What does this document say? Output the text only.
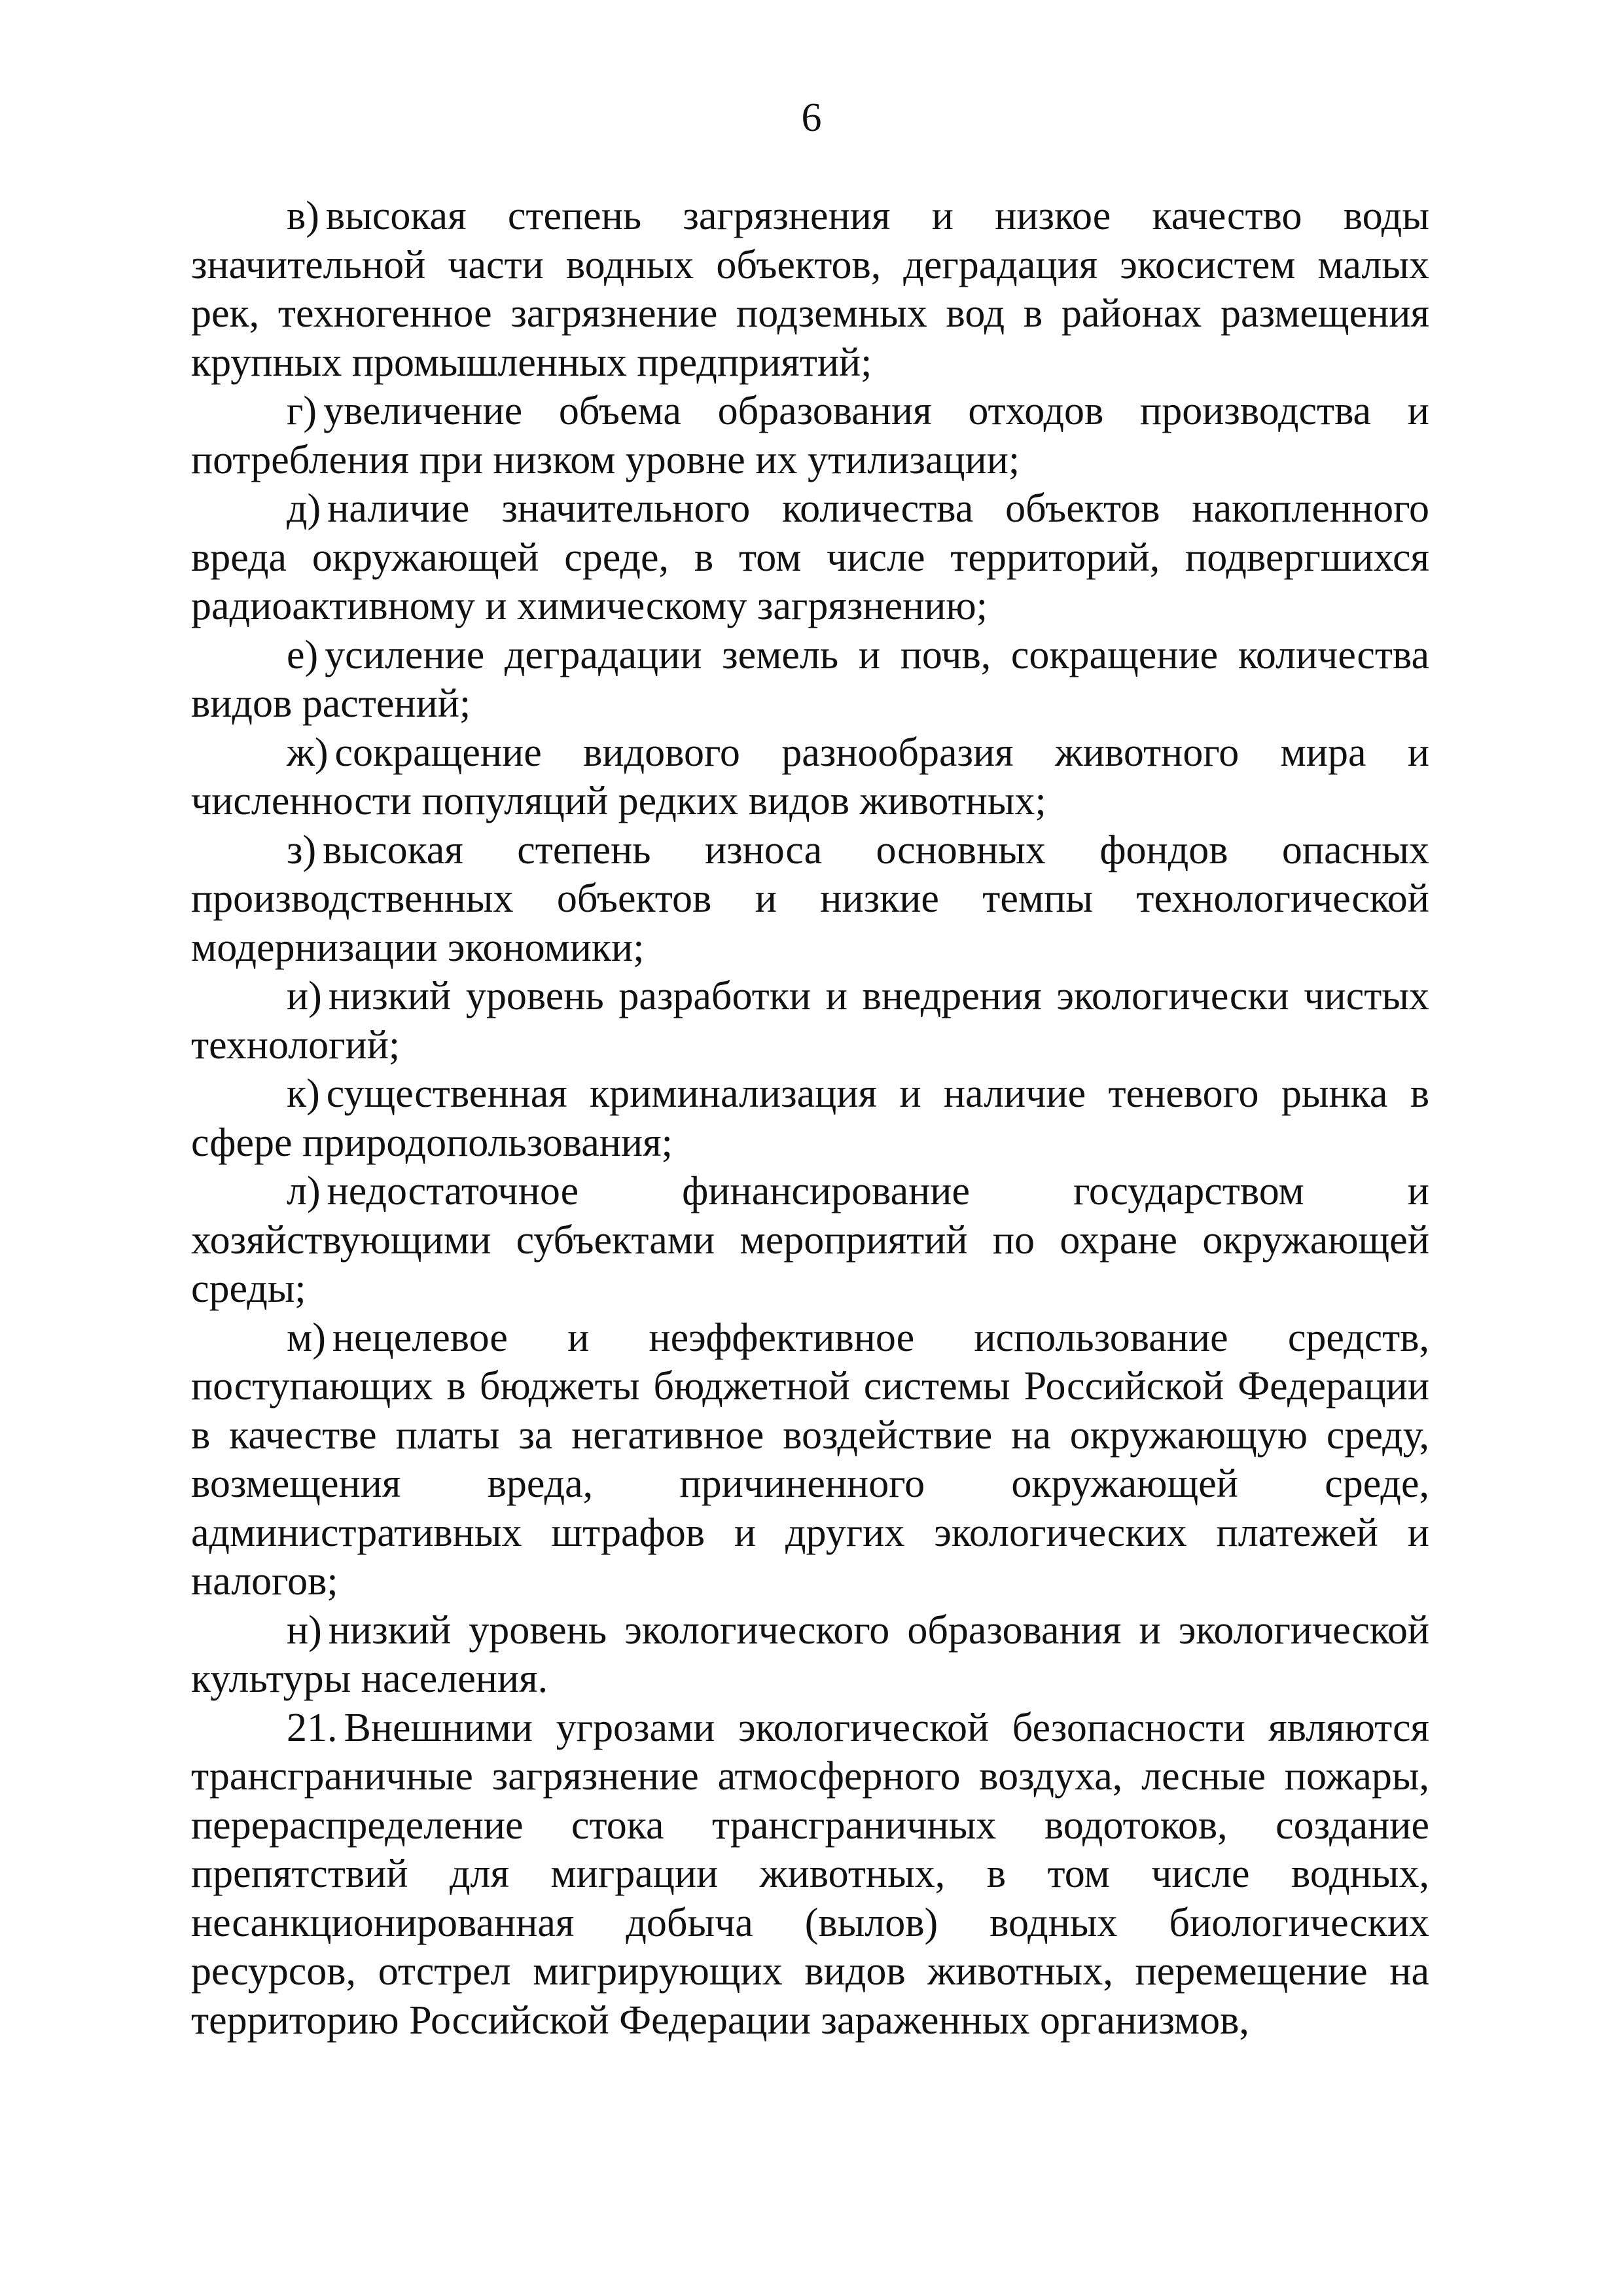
6

в) высокая степень загрязнения и низкое качество воды значительной части водных объектов, деградация экосистем малых рек, техногенное загрязнение подземных вод в районах размещения крупных промышленных предприятий;

г) увеличение объема образования отходов производства и потребления при низком уровне их утилизации;

д) наличие значительного количества объектов накопленного вреда окружающей среде, в том числе территорий, подвергшихся радиоактивному и химическому загрязнению;

е) усиление деградации земель и почв, сокращение количества видов растений;

ж) сокращение видового разнообразия животного мира и численности популяций редких видов животных;

з) высокая степень износа основных фондов опасных производственных объектов и низкие темпы технологической модернизации экономики;

и) низкий уровень разработки и внедрения экологически чистых технологий;

к) существенная криминализация и наличие теневого рынка в сфере природопользования;

л) недостаточное финансирование государством и хозяйствующими субъектами мероприятий по охране окружающей среды;

м) нецелевое и неэффективное использование средств, поступающих в бюджеты бюджетной системы Российской Федерации в качестве платы за негативное воздействие на окружающую среду, возмещения вреда, причиненного окружающей среде, административных штрафов и других экологических платежей и налогов;

н) низкий уровень экологического образования и экологической культуры населения.

21. Внешними угрозами экологической безопасности являются трансграничные загрязнение атмосферного воздуха, лесные пожары, перераспределение стока трансграничных водотоков, создание препятствий для миграции животных, в том числе водных, несанкционированная добыча (вылов) водных биологических ресурсов, отстрел мигрирующих видов животных, перемещение на территорию Российской Федерации зараженных организмов,
